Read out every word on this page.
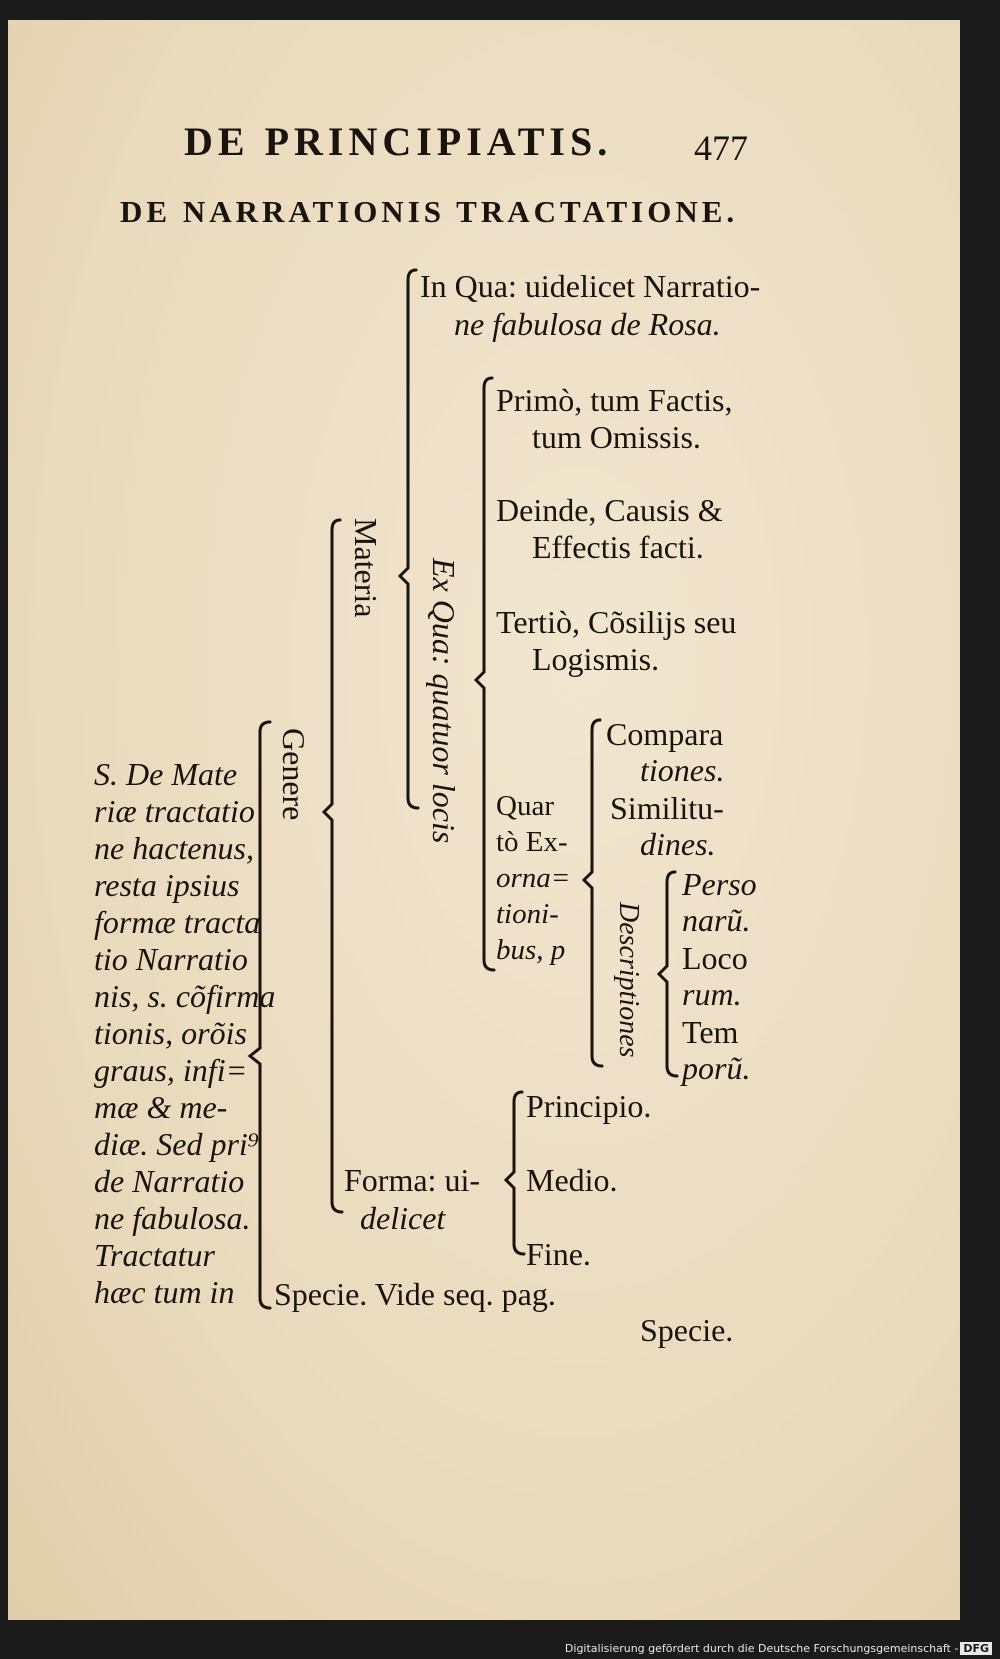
DE PRINCIPIATIS. 477
DE NARRATIONIS TRACTATIONE.
S. De Mate
riæ tractatio
ne hactenus,
resta ipsius
formæ tracta
tio Narratio
nis, s. cõfirma
tionis, orõis
graus, infi=
mæ & me-
diæ. Sed pri⁹
de Narratio
ne fabulosa.
Tractatur
hæc tum in
Genere
Materia Ex Qua: quatuor locis
Descriptiones
In Qua: uidelicet Narratio-
ne fabulosa de Rosa.
Primò, tum Factis,
tum Omissis.
Deinde, Causis &
Effectis facti.
Tertiò, Cõsilijs seu
Logismis.
Quar
tò Ex-
orna=
tioni-
bus, p
Compara
tiones.
Similitu-
dines.
Perso
narũ.
Loco
rum.
Tem
porũ.
Forma: ui-
delicet
Principio.
Medio.
Fine.
Specie. Vide seq. pag.
Specie.
Digitalisierung gefördert durch die Deutsche Forschungsgemeinschaft - DFG
